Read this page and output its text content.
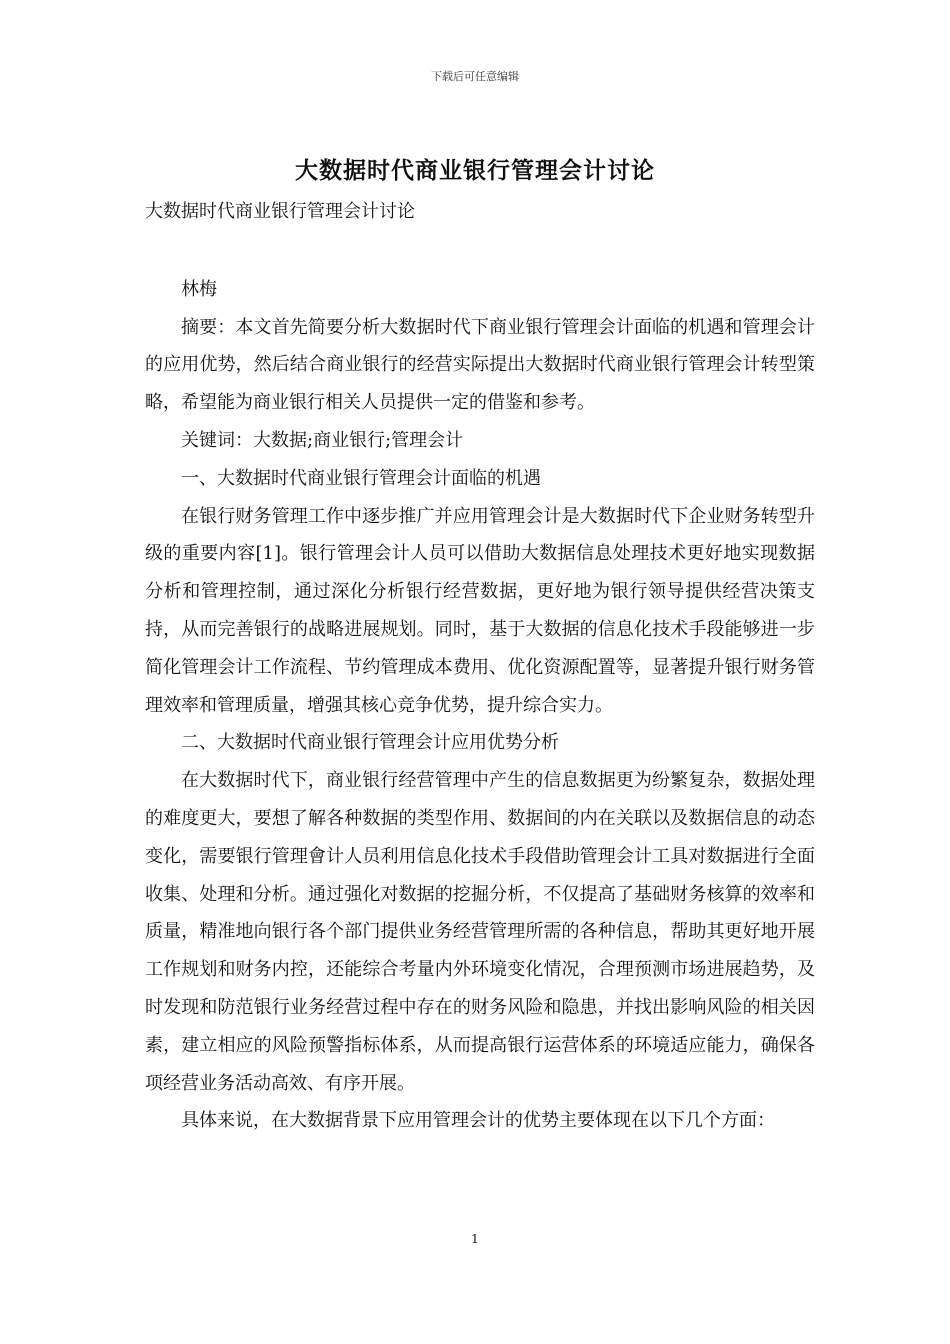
下载后可任意编辑
大数据时代商业银行管理会计讨论

大数据时代商业银行管理会计讨论

林梅

摘要：本文首先简要分析大数据时代下商业银行管理会计面临的机遇和管理会计的应用优势，然后结合商业银行的经营实际提出大数据时代商业银行管理会计转型策略，希望能为商业银行相关人员提供一定的借鉴和参考。

关键词：大数据;商业银行;管理会计

一、大数据时代商业银行管理会计面临的机遇

在银行财务管理工作中逐步推广并应用管理会计是大数据时代下企业财务转型升级的重要内容[1]。银行管理会计人员可以借助大数据信息处理技术更好地实现数据分析和管理控制，通过深化分析银行经营数据，更好地为银行领导提供经营决策支持，从而完善银行的战略进展规划。同时，基于大数据的信息化技术手段能够进一步简化管理会计工作流程、节约管理成本费用、优化资源配置等，显著提升银行财务管理效率和管理质量，增强其核心竞争优势，提升综合实力。

二、大数据时代商业银行管理会计应用优势分析

在大数据时代下，商业银行经营管理中产生的信息数据更为纷繁复杂，数据处理的难度更大，要想了解各种数据的类型作用、数据间的内在关联以及数据信息的动态变化，需要银行管理會计人员利用信息化技术手段借助管理会计工具对数据进行全面收集、处理和分析。通过强化对数据的挖掘分析，不仅提高了基础财务核算的效率和质量，精准地向银行各个部门提供业务经营管理所需的各种信息，帮助其更好地开展工作规划和财务内控，还能综合考量内外环境变化情况，合理预测市场进展趋势，及时发现和防范银行业务经营过程中存在的财务风险和隐患，并找出影响风险的相关因素，建立相应的风险预警指标体系，从而提高银行运营体系的环境适应能力，确保各项经营业务活动高效、有序开展。

具体来说，在大数据背景下应用管理会计的优势主要体现在以下几个方面：

1
